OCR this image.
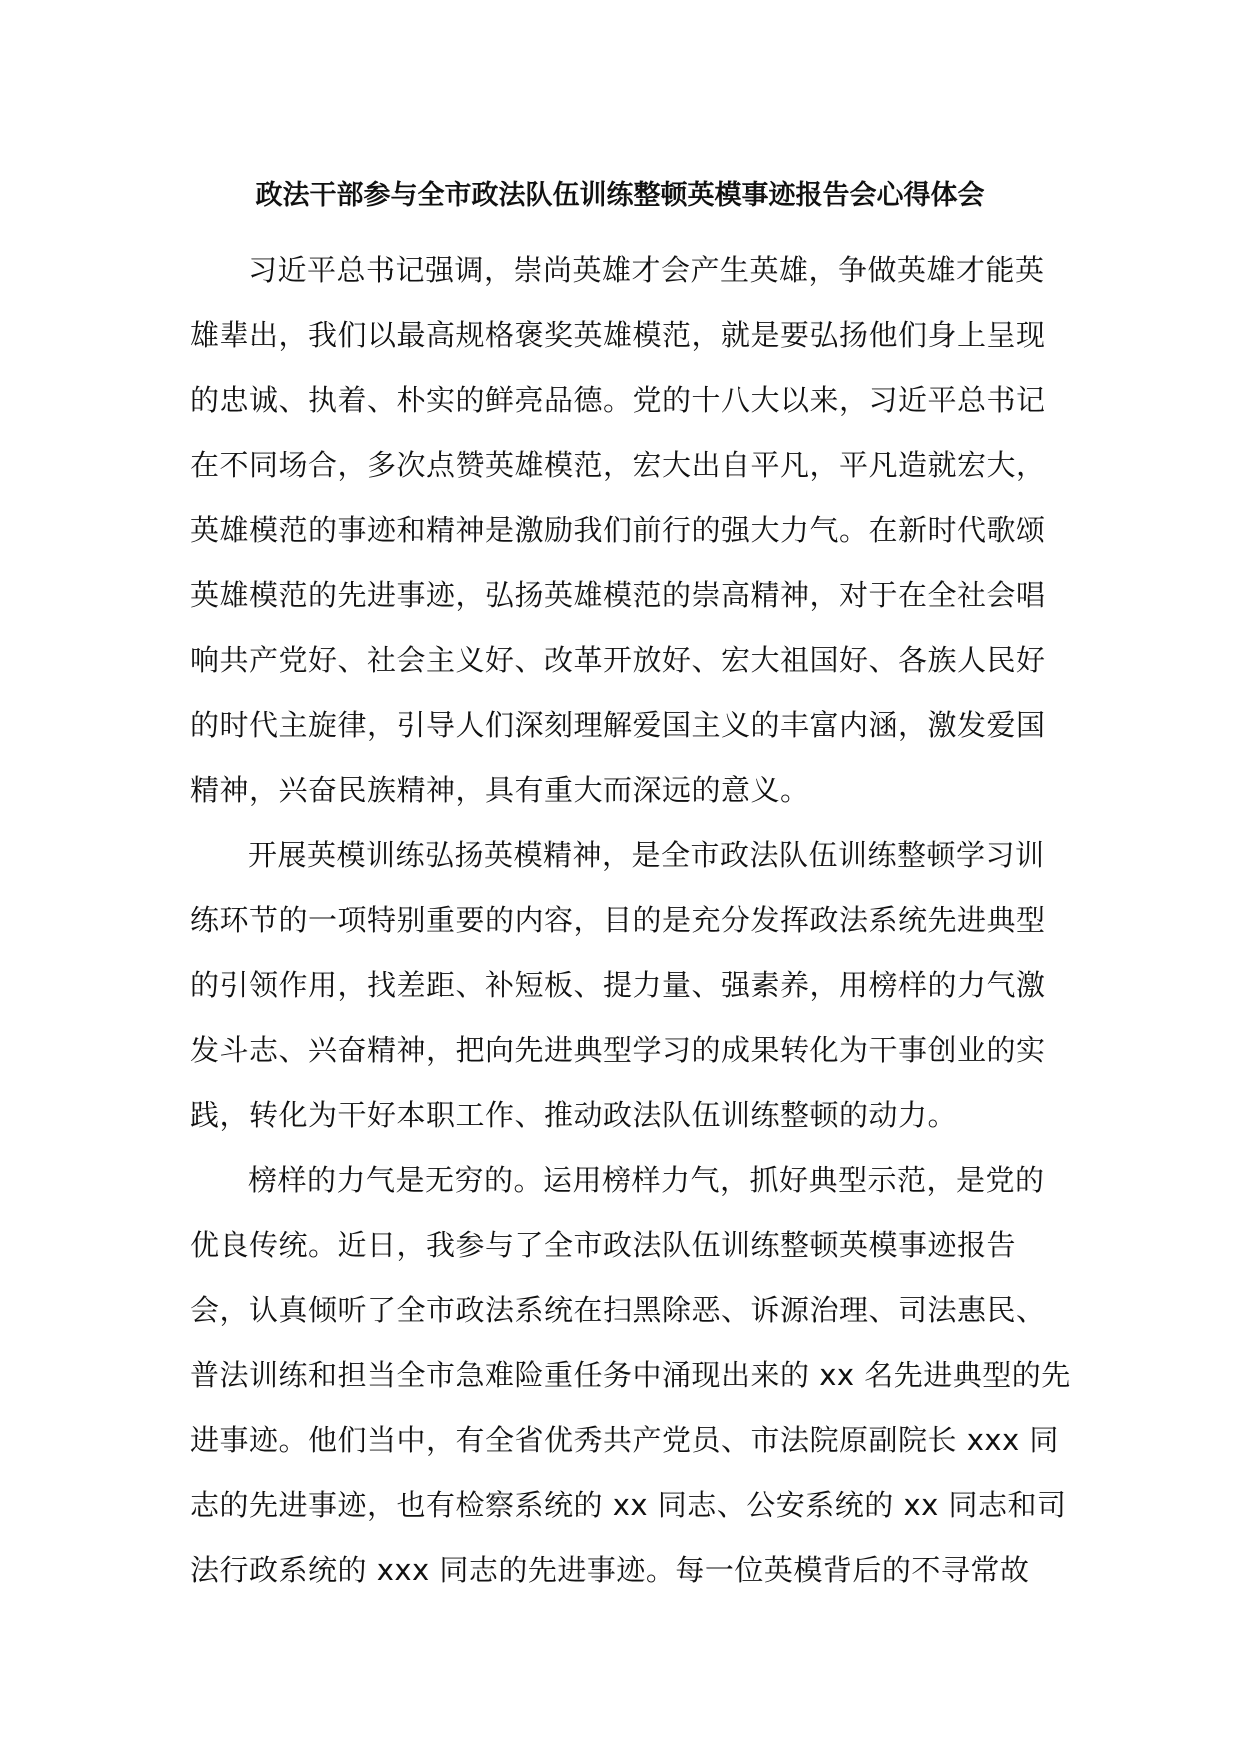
政法干部参与全市政法队伍训练整顿英模事迹报告会心得体会

习近平总书记强调，崇尚英雄才会产生英雄，争做英雄才能英
雄辈出，我们以最高规格褒奖英雄模范，就是要弘扬他们身上呈现
的忠诚、执着、朴实的鲜亮品德。党的十八大以来，习近平总书记
在不同场合，多次点赞英雄模范，宏大出自平凡，平凡造就宏大，
英雄模范的事迹和精神是激励我们前行的强大力气。在新时代歌颂
英雄模范的先进事迹，弘扬英雄模范的崇高精神，对于在全社会唱
响共产党好、社会主义好、改革开放好、宏大祖国好、各族人民好
的时代主旋律，引导人们深刻理解爱国主义的丰富内涵，激发爱国
精神，兴奋民族精神，具有重大而深远的意义。

开展英模训练弘扬英模精神，是全市政法队伍训练整顿学习训
练环节的一项特别重要的内容，目的是充分发挥政法系统先进典型
的引领作用，找差距、补短板、提力量、强素养，用榜样的力气激
发斗志、兴奋精神，把向先进典型学习的成果转化为干事创业的实
践，转化为干好本职工作、推动政法队伍训练整顿的动力。

榜样的力气是无穷的。运用榜样力气，抓好典型示范，是党的
优良传统。近日，我参与了全市政法队伍训练整顿英模事迹报告
会，认真倾听了全市政法系统在扫黑除恶、诉源治理、司法惠民、
普法训练和担当全市急难险重任务中涌现出来的 xx 名先进典型的先
进事迹。他们当中，有全省优秀共产党员、市法院原副院长 xxx 同
志的先进事迹，也有检察系统的 xx 同志、公安系统的 xx 同志和司
法行政系统的 xxx 同志的先进事迹。每一位英模背后的不寻常故
